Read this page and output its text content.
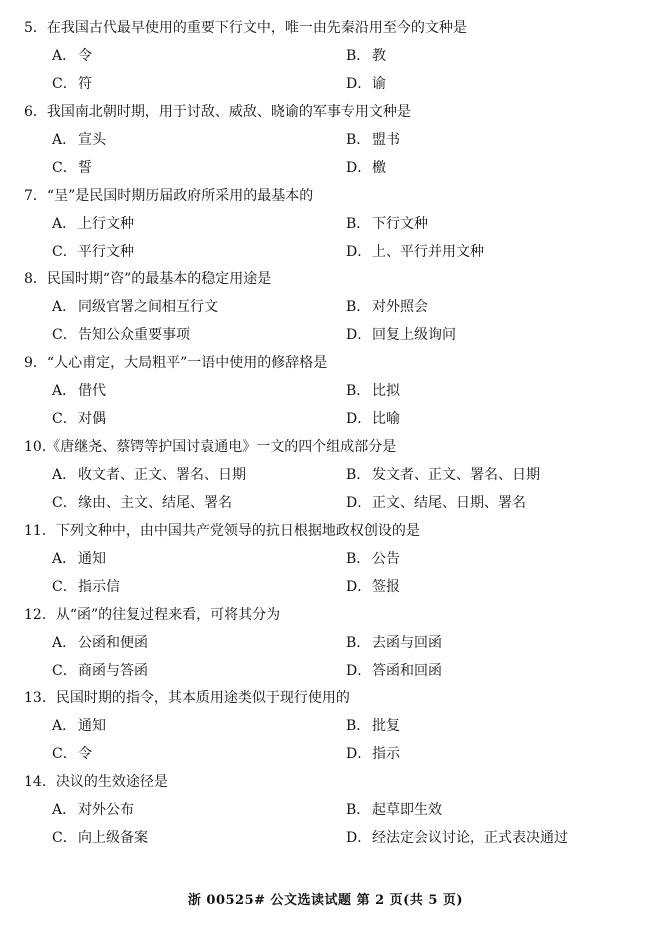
5．在我国古代最早使用的重要下行文中，唯一由先秦沿用至今的文种是
A． 令	B． 教
C．符	D．谕
6．我国南北朝时期，用于讨敌、威敌、晓谕的军事专用文种是
A． 宣头	B． 盟书
C．誓	D．檄
7．“呈”是民国时期历届政府所采用的最基本的
A． 上行文种	B． 下行文种
C．平行文种	D．上、平行并用文种
8．民国时期“咨”的最基本的稳定用途是
A． 同级官署之间相互行文	B． 对外照会
C．告知公众重要事项	D．回复上级询问
9．“人心甫定，大局粗平”一语中使用的修辞格是
A． 借代	B． 比拟
C．对偶	D．比喻
10.《唐继尧、蔡锷等护国讨袁通电》一文的四个组成部分是
A． 收文者、正文、署名、日期	B． 发文者、正文、署名、日期
C．缘由、主文、结尾、署名	D．正文、结尾、日期、署名
11．下列文种中，由中国共产党领导的抗日根据地政权创设的是
A． 通知	B． 公告
C．指示信	D．签报
12．从“函”的往复过程来看，可将其分为
A． 公函和便函	B． 去函与回函
C．商函与答函	D．答函和回函
13．民国时期的指令，其本质用途类似于现行使用的
A． 通知	B． 批复
C．令	D．指示
14．决议的生效途径是
A． 对外公布	B． 起草即生效
C．向上级备案	D．经法定会议讨论，正式表决通过
浙 00525# 公文选读试题 第 2 页(共 5 页)
